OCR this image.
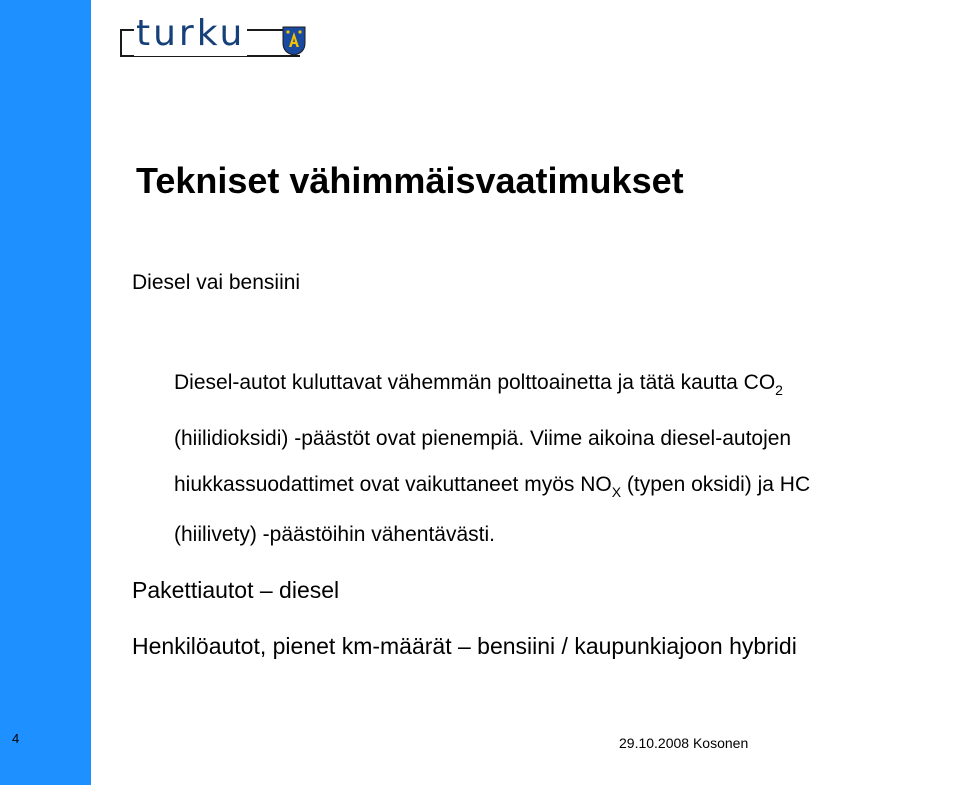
turku
Tekniset vähimmäisvaatimukset
Diesel vai bensiini
Diesel-autot kuluttavat vähemmän polttoainetta ja tätä kautta $CO_2$
(hiilidioksidi) -päästöt ovat pienempiä. Viime aikoina diesel-autojen
hiukkassuodattimet ovat vaikuttaneet myös $NO_X$ (typen oksidi) ja HC
(hiilivety) -päästöihin vähentävästi.
Pakettiautot – diesel
Henkilöautot, pienet km-määrät – bensiini / kaupunkiajoon hybridi
4	29.10.2008 Kosonen
